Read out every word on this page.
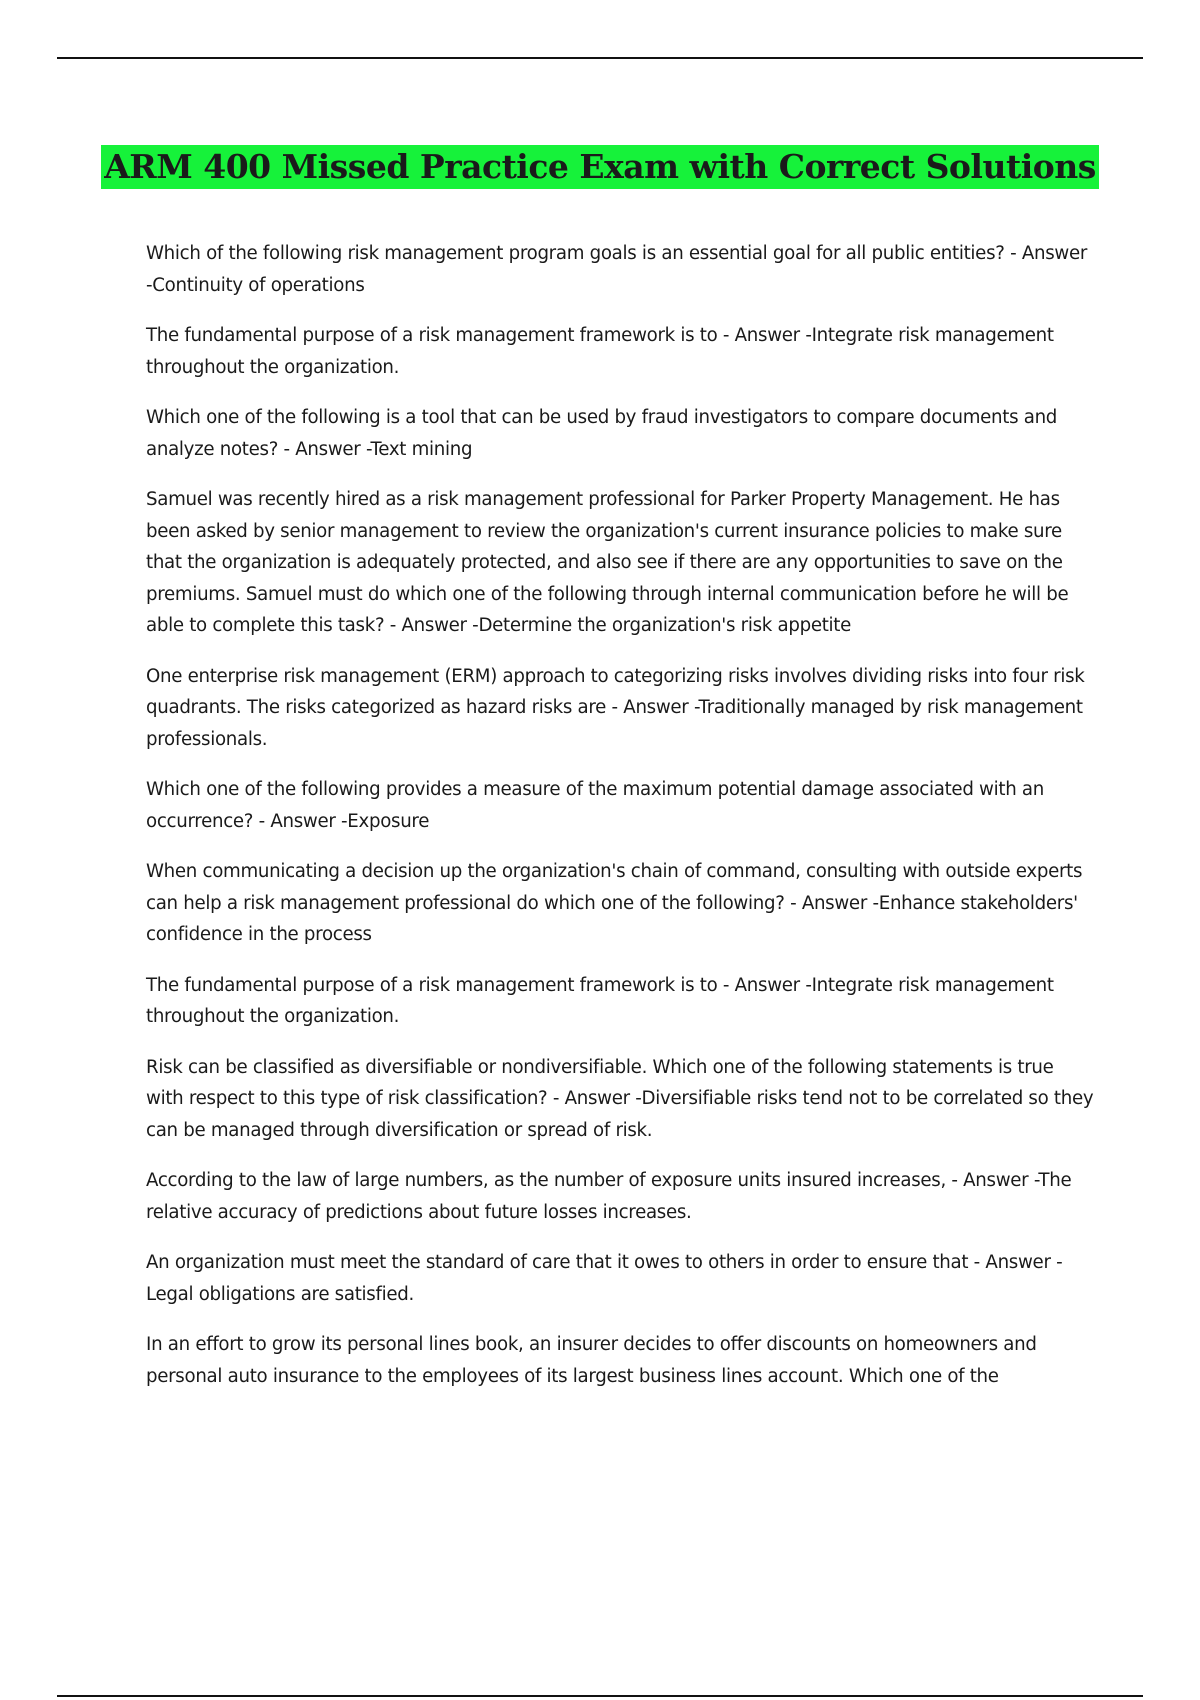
ARM 400 Missed Practice Exam with Correct Solutions

Which of the following risk management program goals is an essential goal for all public entities? - Answer -Continuity of operations

The fundamental purpose of a risk management framework is to - Answer -Integrate risk management throughout the organization.

Which one of the following is a tool that can be used by fraud investigators to compare documents and analyze notes? - Answer -Text mining

Samuel was recently hired as a risk management professional for Parker Property Management. He has been asked by senior management to review the organization's current insurance policies to make sure that the organization is adequately protected, and also see if there are any opportunities to save on the premiums. Samuel must do which one of the following through internal communication before he will be able to complete this task? - Answer -Determine the organization's risk appetite

One enterprise risk management (ERM) approach to categorizing risks involves dividing risks into four risk quadrants. The risks categorized as hazard risks are - Answer -Traditionally managed by risk management professionals.

Which one of the following provides a measure of the maximum potential damage associated with an occurrence? - Answer -Exposure

When communicating a decision up the organization's chain of command, consulting with outside experts can help a risk management professional do which one of the following? - Answer -Enhance stakeholders' confidence in the process

The fundamental purpose of a risk management framework is to - Answer -Integrate risk management throughout the organization.

Risk can be classified as diversifiable or nondiversifiable. Which one of the following statements is true with respect to this type of risk classification? - Answer -Diversifiable risks tend not to be correlated so they can be managed through diversification or spread of risk.

According to the law of large numbers, as the number of exposure units insured increases, - Answer -The relative accuracy of predictions about future losses increases.

An organization must meet the standard of care that it owes to others in order to ensure that - Answer -Legal obligations are satisfied.

In an effort to grow its personal lines book, an insurer decides to offer discounts on homeowners and personal auto insurance to the employees of its largest business lines account. Which one of the
